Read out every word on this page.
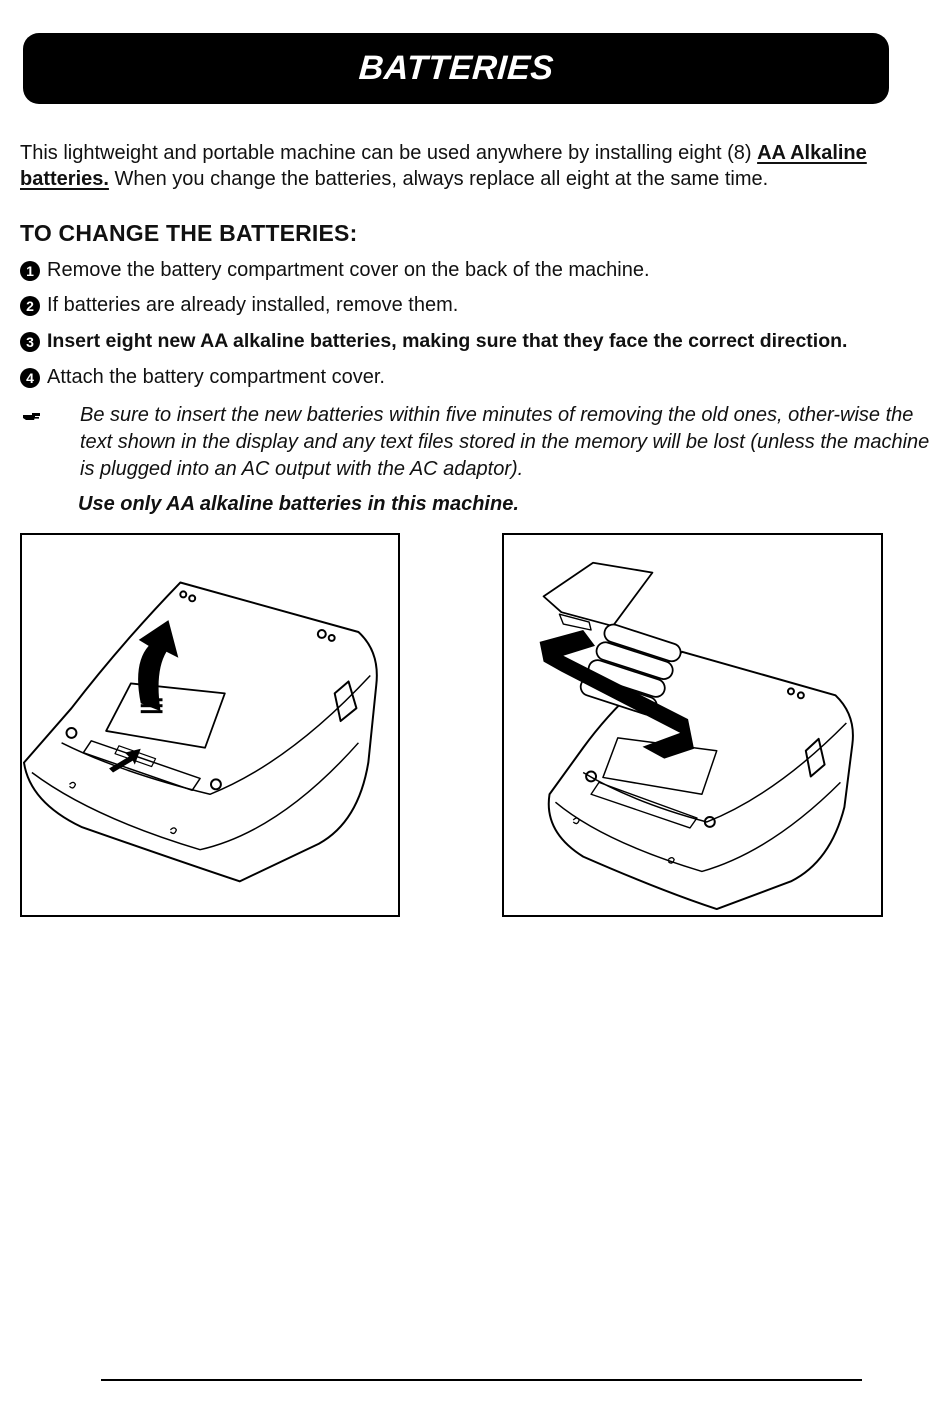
BATTERIES
This lightweight and portable machine can be used anywhere by installing eight (8) AA Alkaline batteries. When you change the batteries, always replace all eight at the same time.
TO CHANGE THE BATTERIES:
1 Remove the battery compartment cover on the back of the machine.
2 If batteries are already installed, remove them.
3 Insert eight new AA alkaline batteries, making sure that they face the correct direction.
4 Attach the battery compartment cover.
Be sure to insert the new batteries within five minutes of removing the old ones, other-wise the text shown in the display and any text files stored in the memory will be lost (unless the machine is plugged into an AC output with the AC adaptor).
Use only AA alkaline batteries in this machine.
